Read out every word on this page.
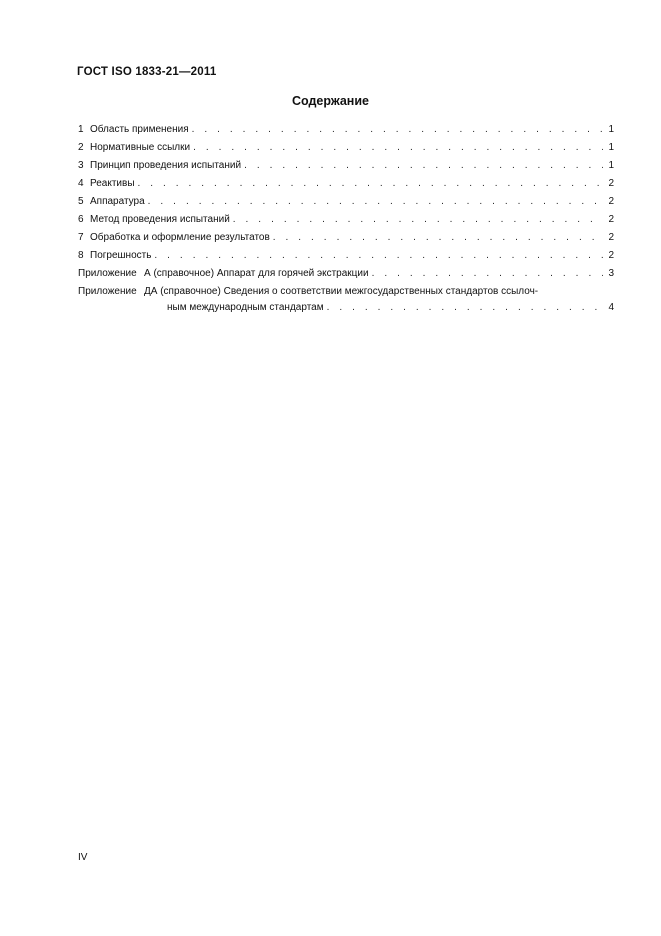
ГОСТ ISO 1833-21—2011
Содержание
1 Область применения . . .	1
2 Нормативные ссылки . . .	1
3 Принцип проведения испытаний . . .	1
4 Реактивы . . .	2
5 Аппаратура . . .	2
6 Метод проведения испытаний . . .	2
7 Обработка и оформление результатов . . .	2
8 Погрешность . . .	2
Приложение А (справочное) Аппарат для горячей экстракции . . .	3
Приложение ДА (справочное) Сведения о соответствии межгосударственных стандартов ссылоч-
ным международным стандартам . . .	4
IV
